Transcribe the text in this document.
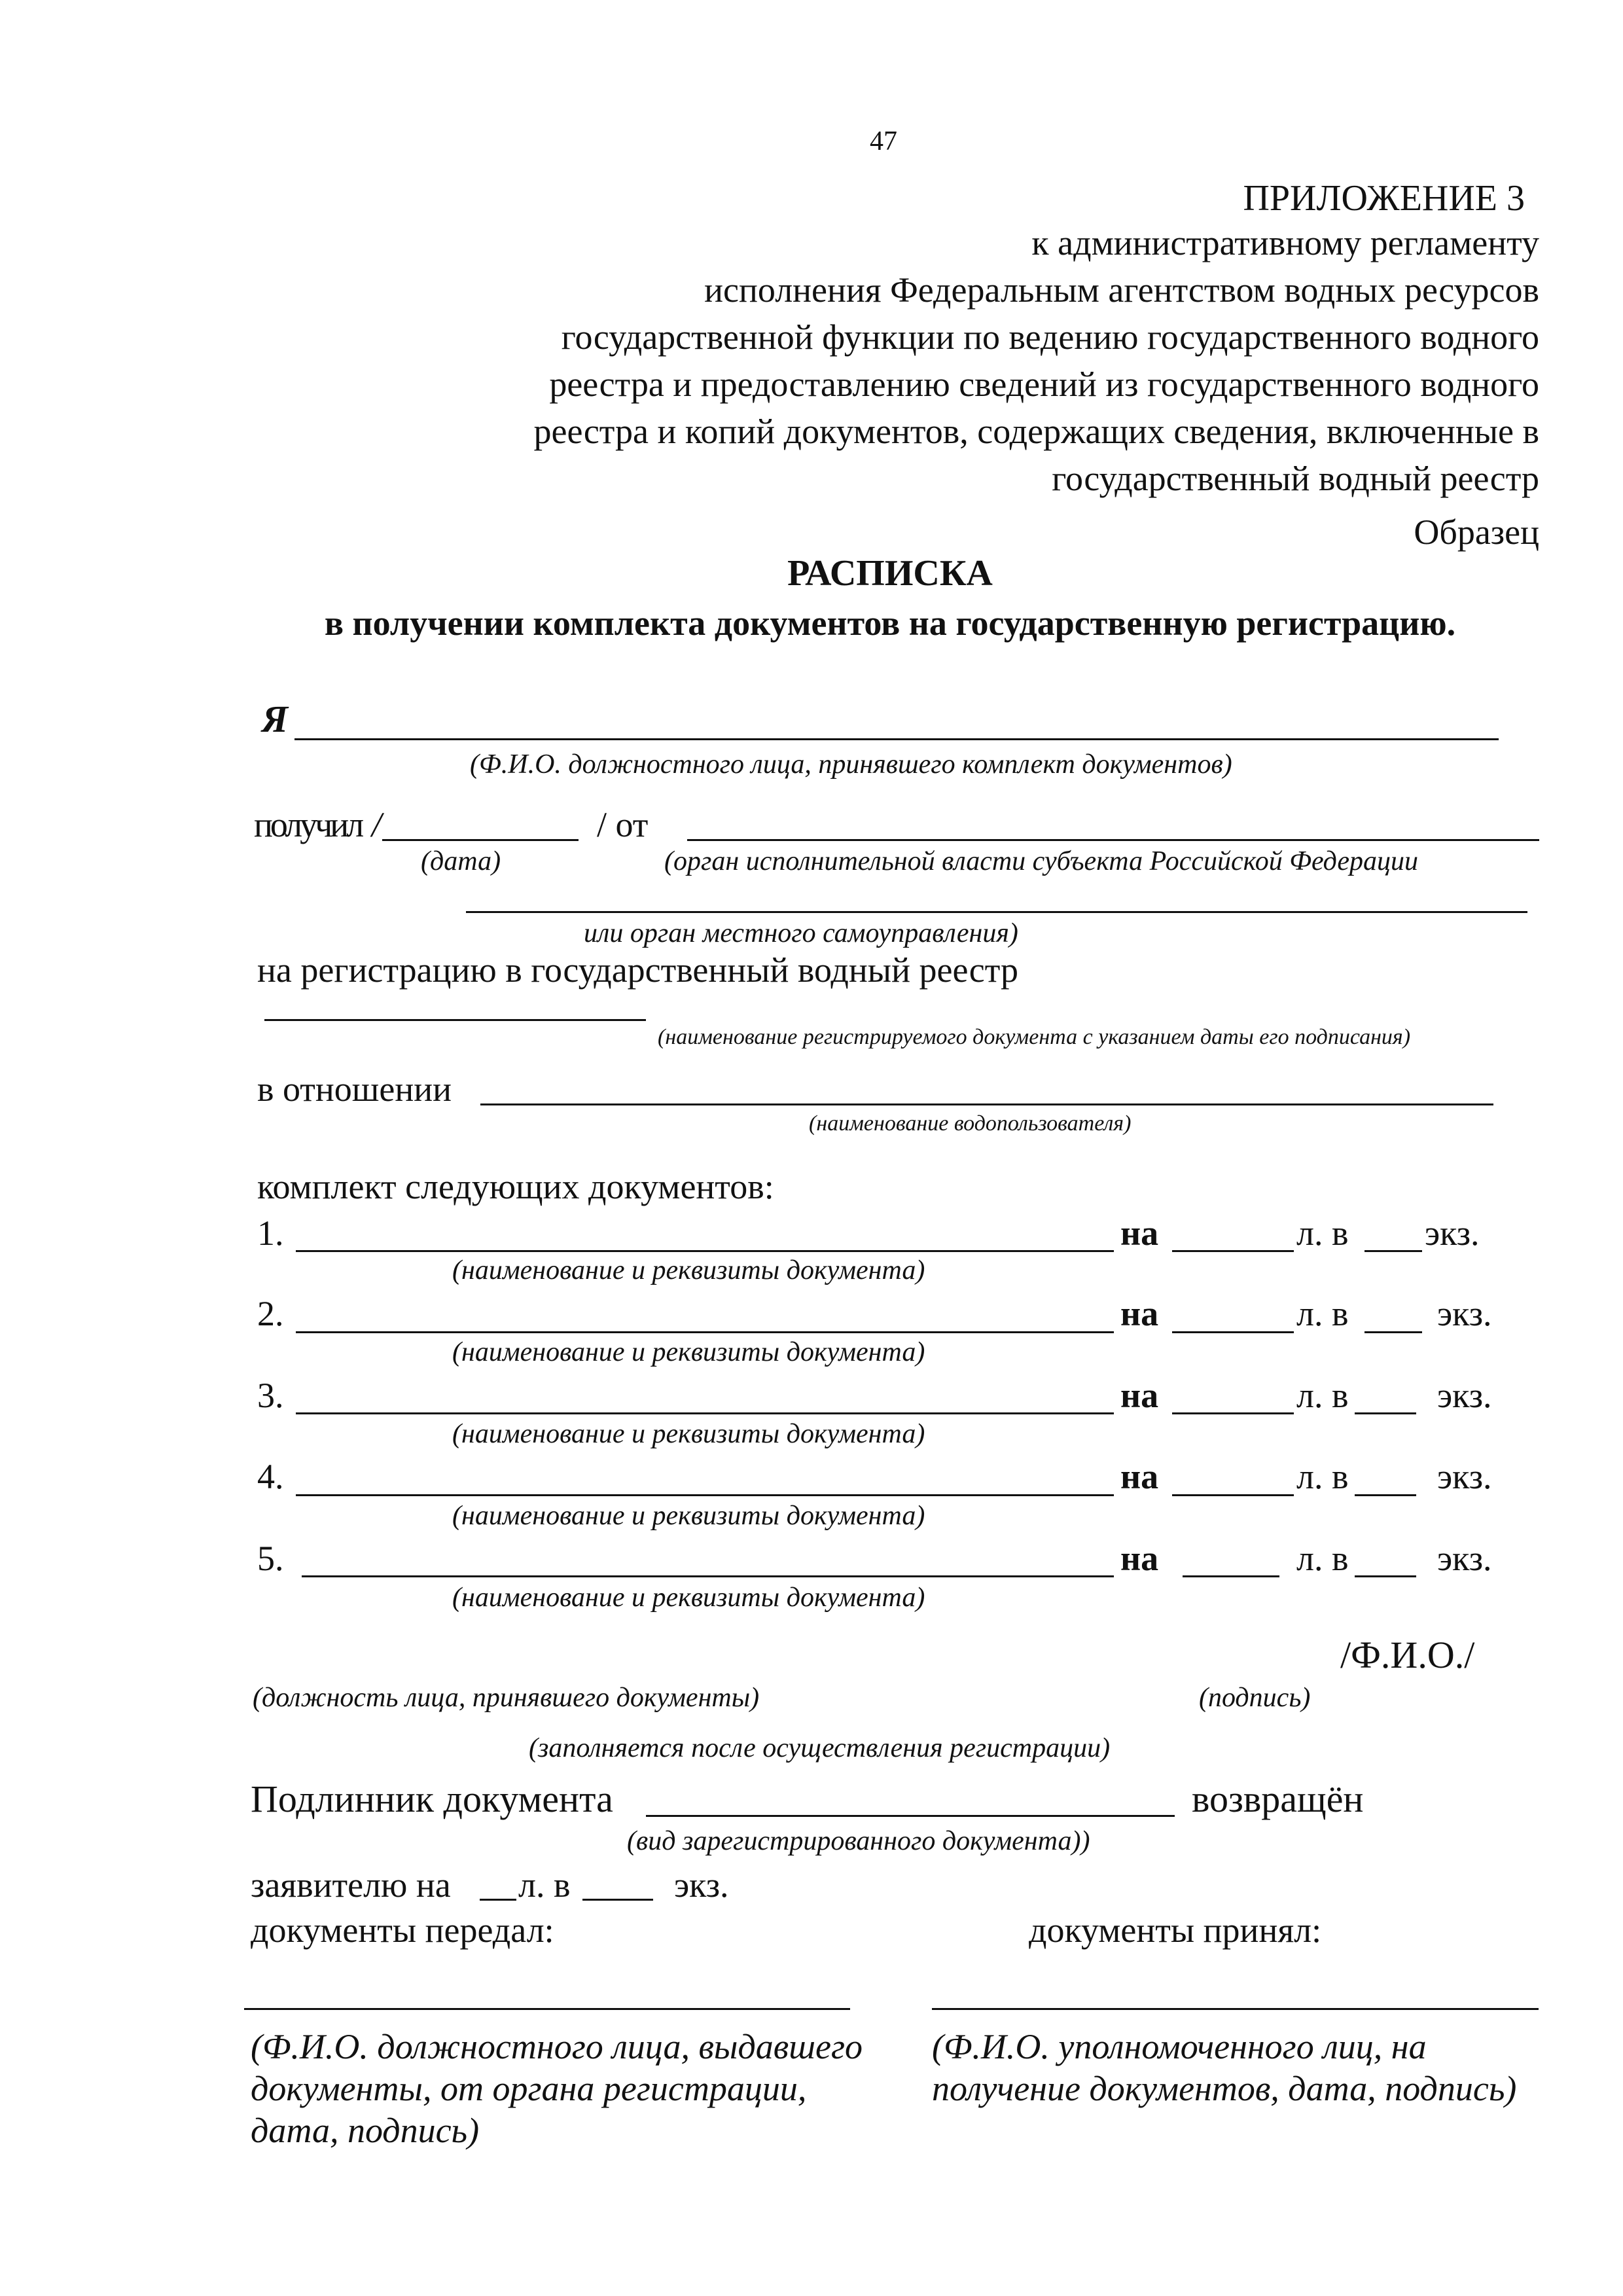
47
ПРИЛОЖЕНИЕ 3
к административному регламенту
исполнения Федеральным агентством водных ресурсов
государственной функции по ведению государственного водного
реестра и предоставлению сведений из государственного водного
реестра и копий документов, содержащих сведения, включенные в
государственный водный реестр
Образец
РАСПИСКА
в получении комплекта документов на государственную регистрацию.
Я
(Ф.И.О. должностного лица, принявшего комплект документов)
получил /	/ от
(дата)	(орган исполнительной власти субъекта Российской Федерации
или орган местного самоуправления)
на регистрацию в государственный водный реестр
(наименование регистрируемого документа с указанием даты его подписания)
в отношении
(наименование водопользователя)
комплект следующих документов:
1.	на	л. в экз.
(наименование и реквизиты документа)
2.	на	л. в	экз.
(наименование и реквизиты документа)
3.	на	л. в	экз.
(наименование и реквизиты документа)
4.	на	л. в	экз.
(наименование и реквизиты документа)
5.	на	л. в	экз.
(наименование и реквизиты документа)
/Ф.И.О./
(должность лица, принявшего документы)	(подпись)
(заполняется после осуществления регистрации)
Подлинник документа	возвращён
(вид зарегистрированного документа))
заявителю на л. в	экз.
документы передал:	документы принял:
(Ф.И.О. должностного лица, выдавшего
документы, от органа регистрации,
дата, подпись)
(Ф.И.О. уполномоченного лиц, на
получение документов, дата, подпись)
